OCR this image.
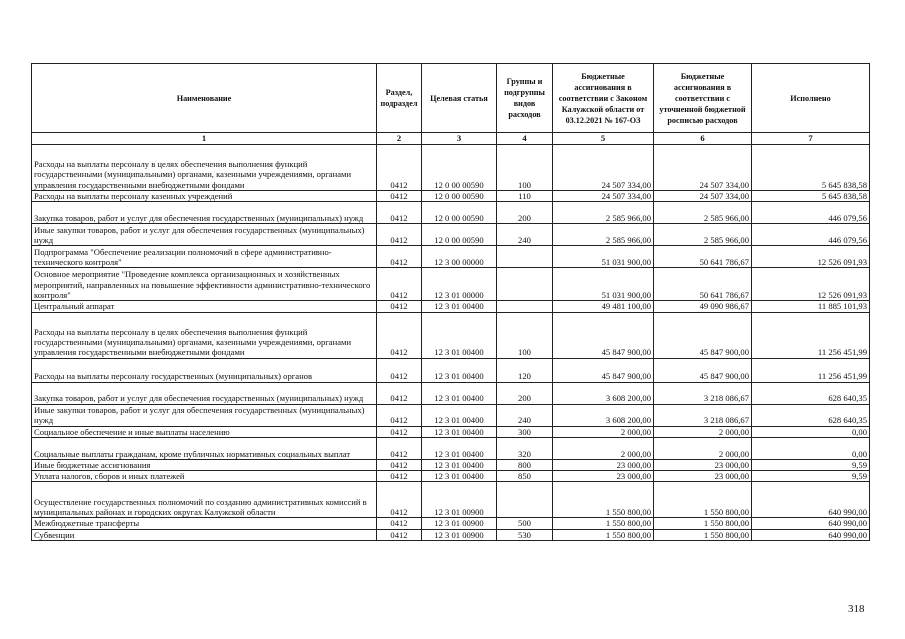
Наименование	Раздел, подраздел	Целевая статья	Группы и подгруппы видов расходов	Бюджетные ассигнования в соответствии с Законом Калужской области от 03.12.2021 № 167-ОЗ	Бюджетные ассигнования в соответствии с уточненной бюджетной росписью расходов	Исполнено
1	2	3	4	5	6	7
Расходы на выплаты персоналу в целях обеспечения выполнения функций государственными (муниципальными) органами, казенными учреждениями, органами управления государственными внебюджетными фондами	0412	12 0 00 00590	100	24 507 334,00	24 507 334,00	5 645 838,58
Расходы на выплаты персоналу казенных учреждений	0412	12 0 00 00590	110	24 507 334,00	24 507 334,00	5 645 838,58
Закупка товаров, работ и услуг для обеспечения государственных (муниципальных) нужд	0412	12 0 00 00590	200	2 585 966,00	2 585 966,00	446 079,56
Иные закупки товаров, работ и услуг для обеспечения государственных (муниципальных) нужд	0412	12 0 00 00590	240	2 585 966,00	2 585 966,00	446 079,56
Подпрограмма "Обеспечение реализации полномочий в сфере административно-технического контроля"	0412	12 3 00 00000		51 031 900,00	50 641 786,67	12 526 091,93
Основное мероприятие "Проведение комплекса организационных и хозяйственных мероприятий, направленных на повышение эффективности административно-технического контроля"	0412	12 3 01 00000		51 031 900,00	50 641 786,67	12 526 091,93
Центральный аппарат	0412	12 3 01 00400		49 481 100,00	49 090 986,67	11 885 101,93
Расходы на выплаты персоналу в целях обеспечения выполнения функций государственными (муниципальными) органами, казенными учреждениями, органами управления государственными внебюджетными фондами	0412	12 3 01 00400	100	45 847 900,00	45 847 900,00	11 256 451,99
Расходы на выплаты персоналу государственных (муниципальных) органов	0412	12 3 01 00400	120	45 847 900,00	45 847 900,00	11 256 451,99
Закупка товаров, работ и услуг для обеспечения государственных (муниципальных) нужд	0412	12 3 01 00400	200	3 608 200,00	3 218 086,67	628 640,35
Иные закупки товаров, работ и услуг для обеспечения государственных (муниципальных) нужд	0412	12 3 01 00400	240	3 608 200,00	3 218 086,67	628 640,35
Социальное обеспечение и иные выплаты населению	0412	12 3 01 00400	300	2 000,00	2 000,00	0,00
Социальные выплаты гражданам, кроме публичных нормативных социальных выплат	0412	12 3 01 00400	320	2 000,00	2 000,00	0,00
Иные бюджетные ассигнования	0412	12 3 01 00400	800	23 000,00	23 000,00	9,59
Уплата налогов, сборов и иных платежей	0412	12 3 01 00400	850	23 000,00	23 000,00	9,59
Осуществление государственных полномочий по созданию административных комиссий в муниципальных районах и городских округах Калужской области	0412	12 3 01 00900		1 550 800,00	1 550 800,00	640 990,00
Межбюджетные трансферты	0412	12 3 01 00900	500	1 550 800,00	1 550 800,00	640 990,00
Субвенции	0412	12 3 01 00900	530	1 550 800,00	1 550 800,00	640 990,00
318
